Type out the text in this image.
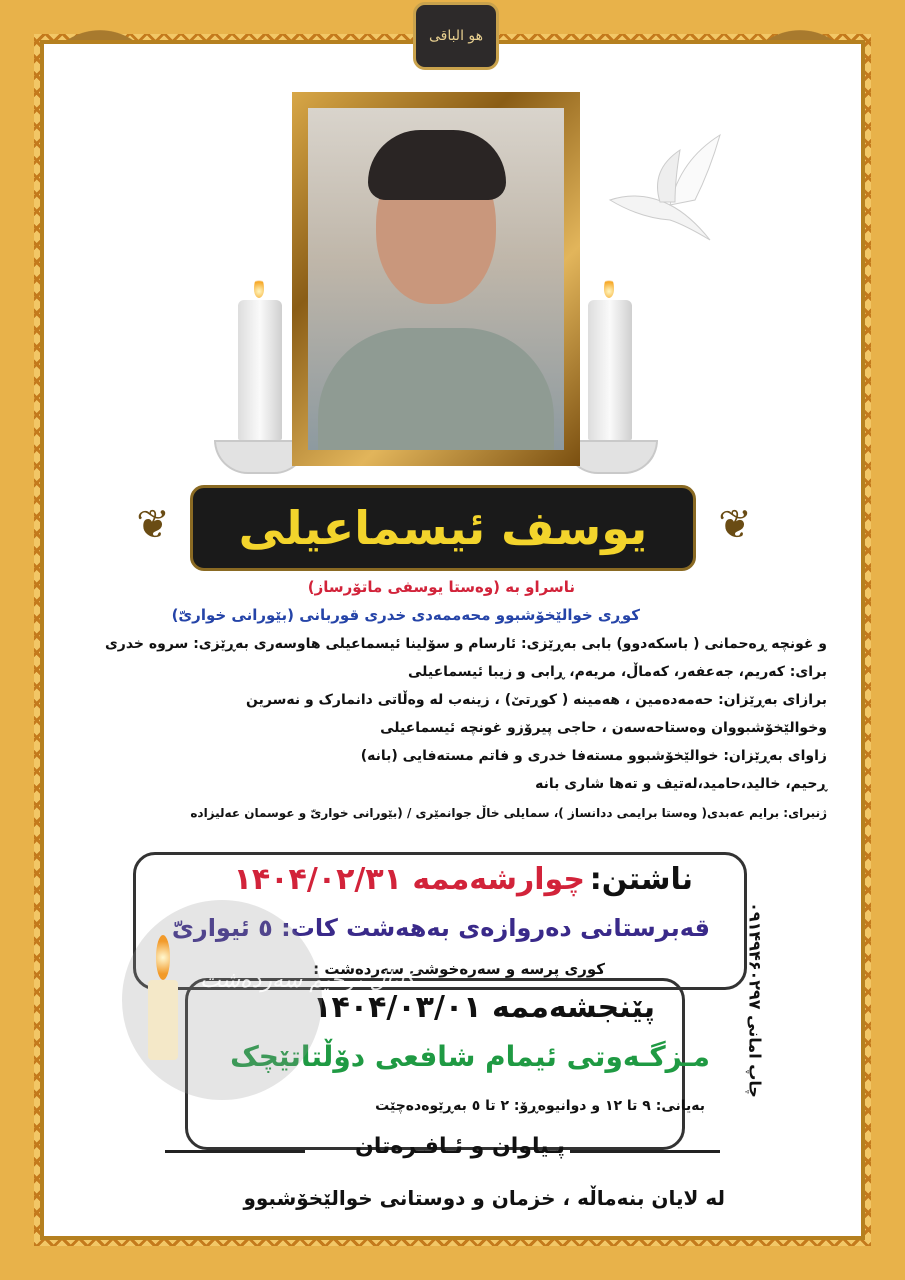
هو الباقی
❦	❦
یوسف ئیسماعیلی
ناسراو بە (وەستا یوسفی ماتۆرساز)
کوڕی خوالێخۆشبوو محەممەدی خدری قوربانی (بێورانی خواریّ)
و غونچە ڕەحمانی ( باسکەدوو) بابی بەڕێزی: ئارسام و سۆلینا ئیسماعیلی هاوسەری بەڕێزی: سروە خدری
برای: کەریم، جەعفەر، کەماڵ، مریەم، ڕابی و زیبا ئیسماعیلی
برازای بەڕێزان: حەمەدەمین ، هەمینە ( کوڕتێ) ، زینەب له وەڵاتی دانمارک و نەسرین
وخوالێخۆشبووان وەستاحەسەن ، حاجی پیرۆزو غونچە ئیسماعیلی
زاوای بەڕێزان: خوالێخۆشبوو مستەفا خدری و فاتم مستەفایی (بانە)
ڕحیم، خالید،حامید،لەتیف و تەها شاری بانە
ژنبرای: برایم عەبدی( وەستا برایمی ددانساز )، سمایلی خاڵ جوانمێری / (بێورانی خواریّ و عوسمان عەلیزادە
ناشتن:
چوارشەممە ۱۴۰۴/۰۲/۳۱
قەبرستانی دەروازەی بەهەشت کات: ٥ ئیواریّ
کوری پرسە و سەرەخوشی سەردەشت :
پێنجشەممە ۱۴۰۴/۰۳/۰۱
مـزگـەوتی ئیمام شافعی دۆڵتاتێچک
بەیانی: ۹ تا ۱۲ و دوانیوەڕۆ: ۲ تا ٥ بەڕێوەدەچێت
پـیاوان و ئـافـرەتان
لە لایان بنەماڵە ، خزمان و دوستانی خوالێخۆشبوو
کانال ترحیم سەردەشت	چاپ امانی ۰۹۱۴۹۴۶۰۲۹۷
